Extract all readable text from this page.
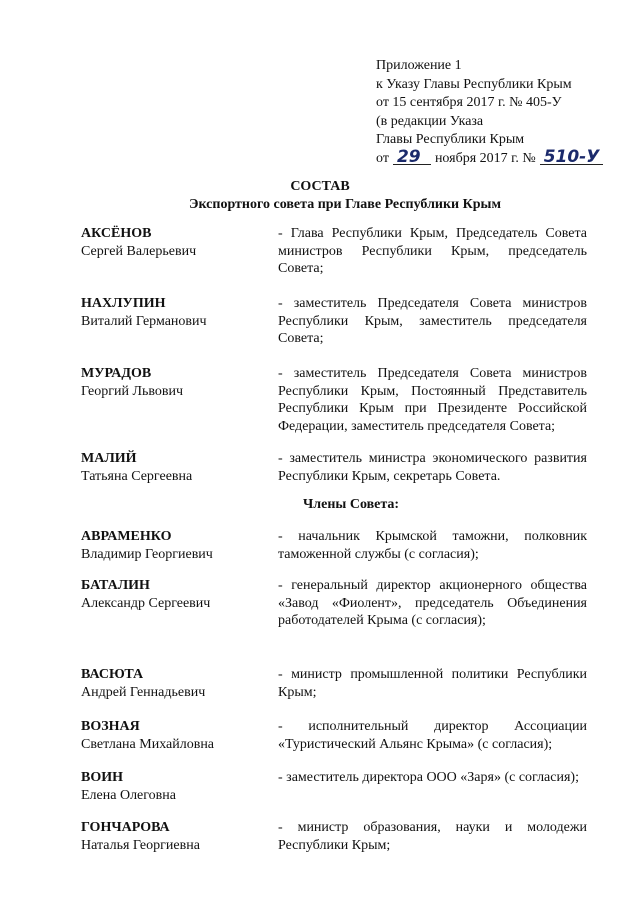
Приложение 1
к Указу Главы Республики Крым
от 15 сентября 2017 г. № 405-У
(в редакции Указа
Главы Республики Крым
от 29 ноября 2017 г. № 510-У
СОСТАВ
Экспортного совета при Главе Республики Крым
АКСЁНОВ
Сергей Валерьевич
- Глава Республики Крым, Председатель Совета министров Республики Крым, председатель Совета;
НАХЛУПИН
Виталий Германович
- заместитель Председателя Совета министров Республики Крым, заместитель председателя Совета;
МУРАДОВ
Георгий Львович
- заместитель Председателя Совета министров Республики Крым, Постоянный Представитель Республики Крым при Президенте Российской Федерации, заместитель председателя Совета;
МАЛИЙ
Татьяна Сергеевна
- заместитель министра экономического развития Республики Крым, секретарь Совета.
Члены Совета:
АВРАМЕНКО
Владимир Георгиевич
- начальник Крымской таможни, полковник таможенной службы (с согласия);
БАТАЛИН
Александр Сергеевич
- генеральный директор акционерного общества «Завод «Фиолент», председатель Объединения работодателей Крыма (с согласия);
ВАСЮТА
Андрей Геннадьевич
- министр промышленной политики Республики Крым;
ВОЗНАЯ
Светлана Михайловна
- исполнительный директор Ассоциации «Туристический Альянс Крыма» (с согласия);
ВОИН
Елена Олеговна
- заместитель директора ООО «Заря» (с согласия);
ГОНЧАРОВА
Наталья Георгиевна
- министр образования, науки и молодежи Республики Крым;
